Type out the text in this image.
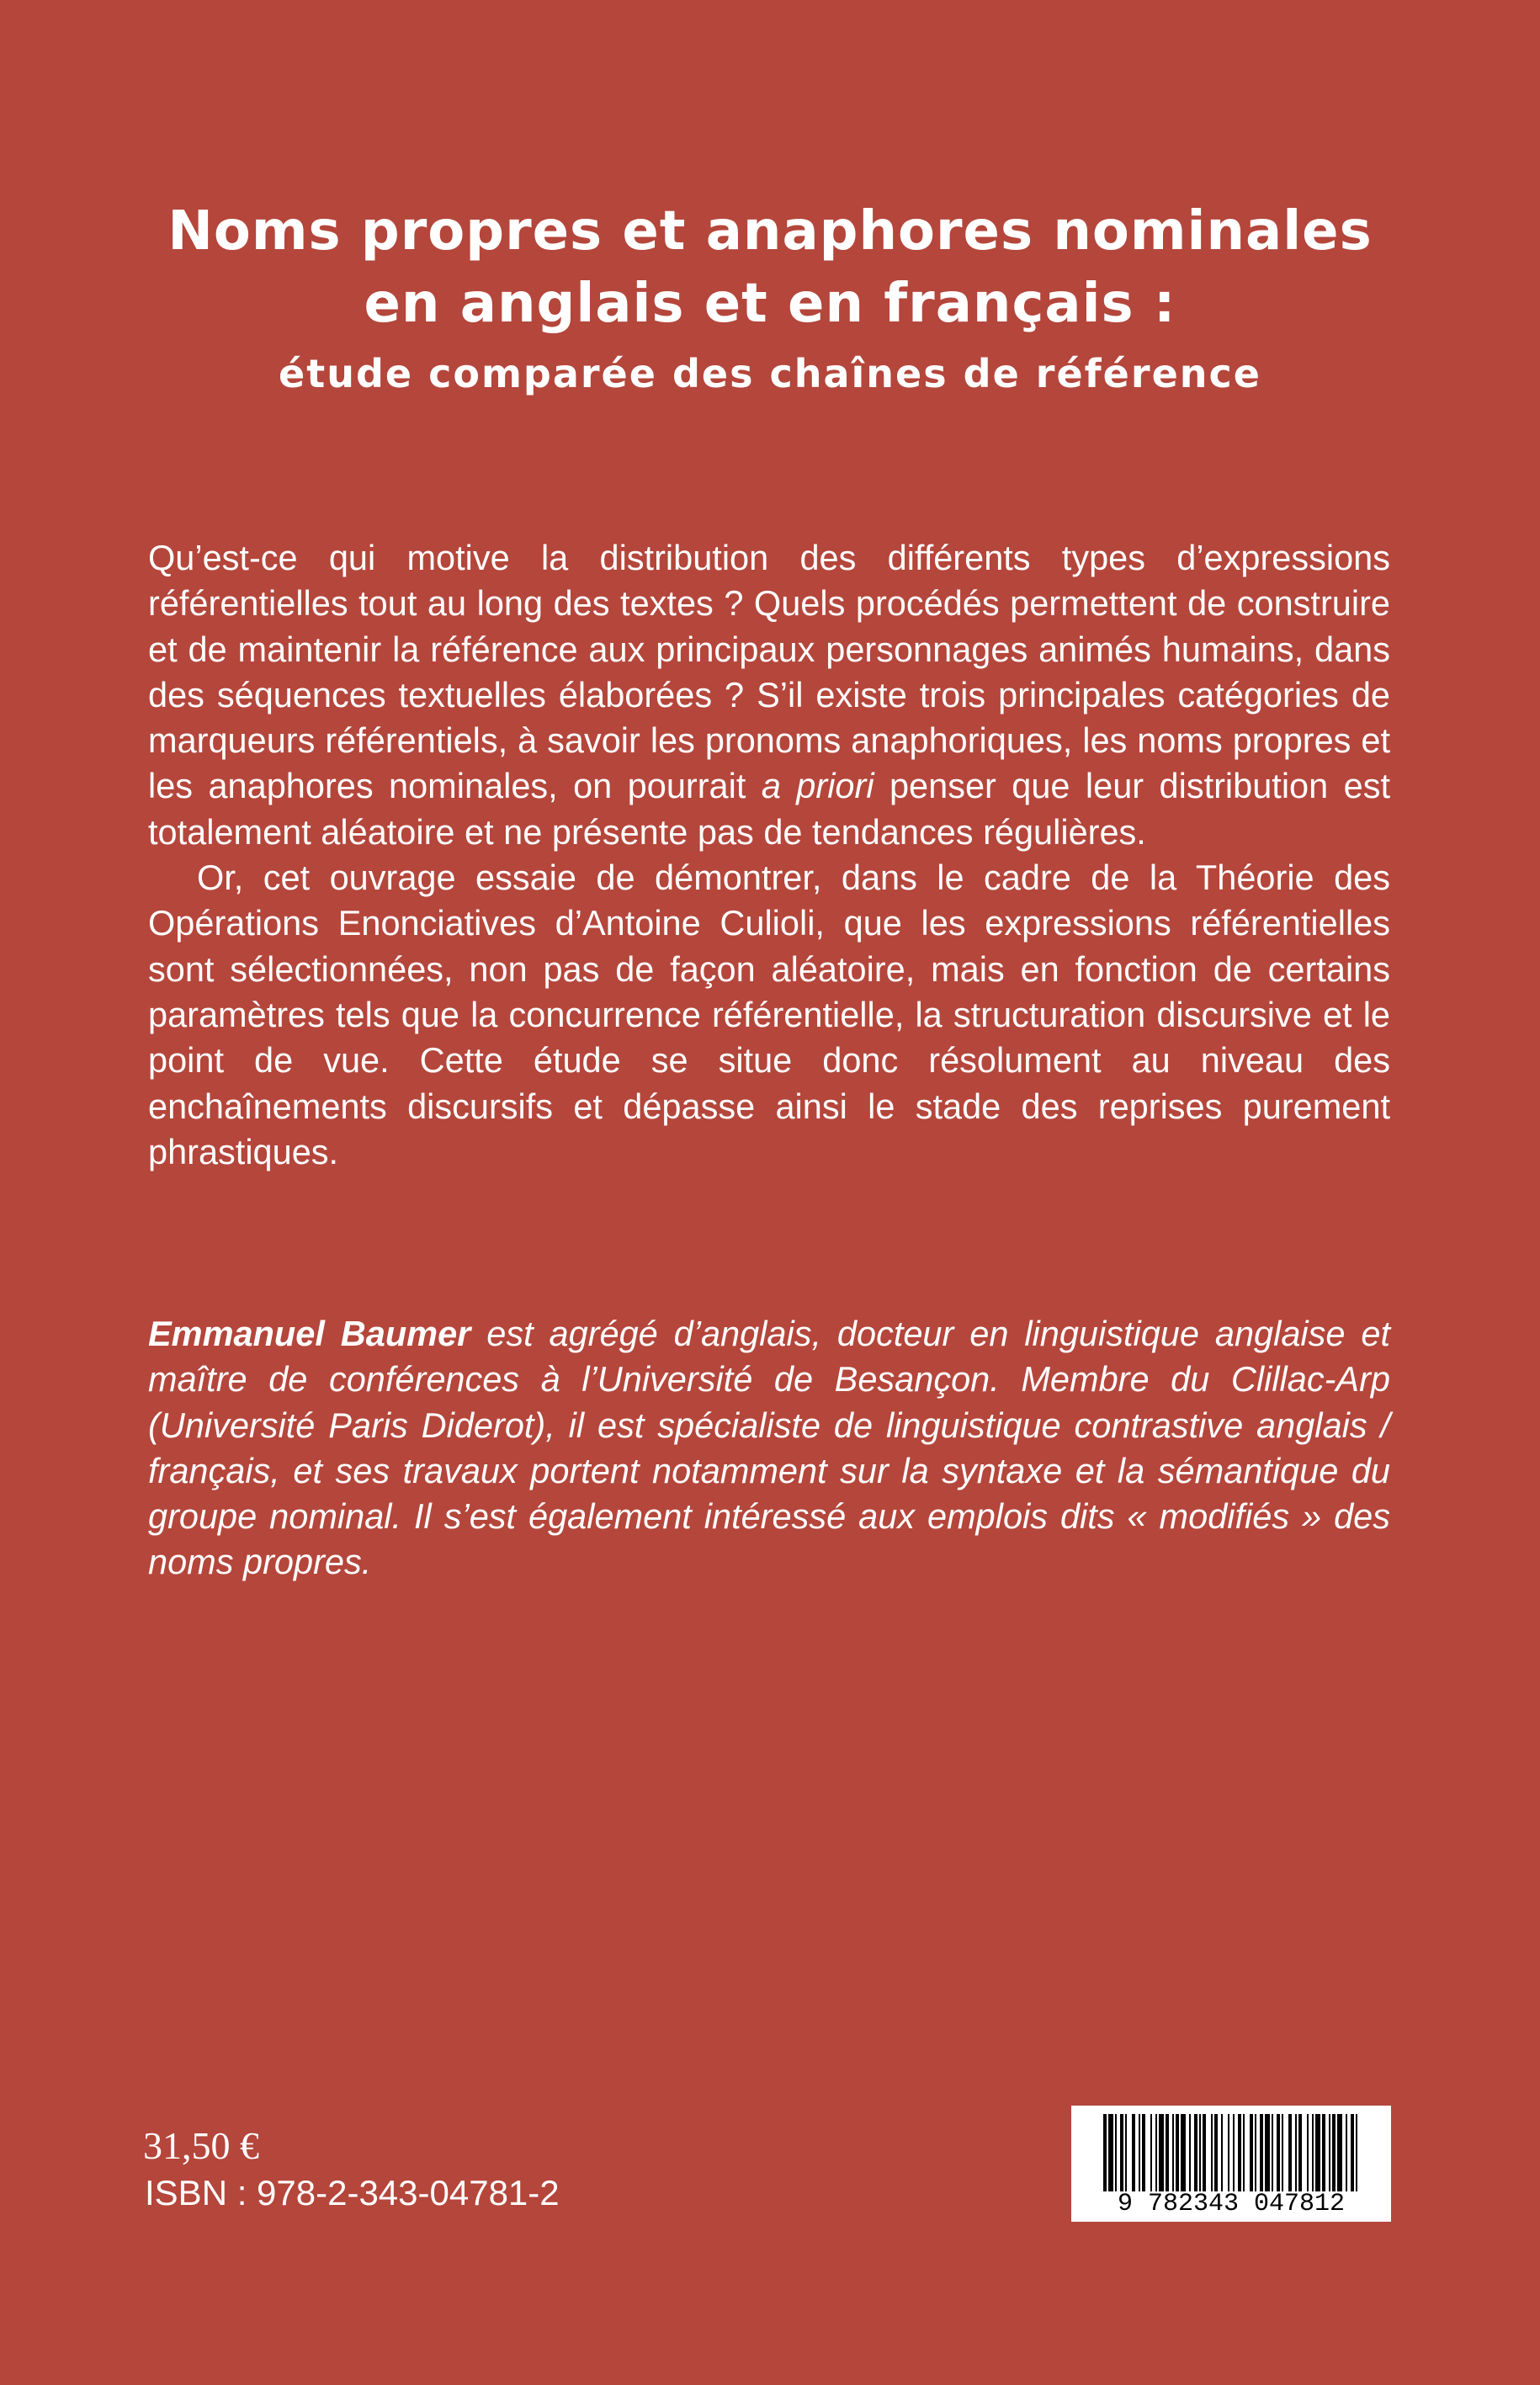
Noms propres et anaphores nominales
en anglais et en français :
étude comparée des chaînes de référence

Qu’est-ce qui motive la distribution des différents types d’expressions référentielles tout au long des textes ? Quels procédés permettent de construire et de maintenir la référence aux principaux personnages animés humains, dans des séquences textuelles élaborées ? S’il existe trois principales catégories de marqueurs référentiels, à savoir les pronoms anaphoriques, les noms propres et les anaphores nominales, on pourrait a priori penser que leur distribution est totalement aléatoire et ne présente pas de tendances régulières.

Or, cet ouvrage essaie de démontrer, dans le cadre de la Théorie des Opérations Enonciatives d’Antoine Culioli, que les expressions référentielles sont sélectionnées, non pas de façon aléatoire, mais en fonction de certains paramètres tels que la concurrence référentielle, la structuration discursive et le point de vue. Cette étude se situe donc résolument au niveau des enchaînements discursifs et dépasse ainsi le stade des reprises purement phrastiques.

Emmanuel Baumer est agrégé d’anglais, docteur en linguistique anglaise et maître de conférences à l’Université de Besançon. Membre du Clillac-Arp (Université Paris Diderot), il est spécialiste de linguistique contrastive anglais / français, et ses travaux portent notamment sur la syntaxe et la sémantique du groupe nominal. Il s’est également intéressé aux emplois dits « modifiés » des noms propres.

31,50 €
ISBN : 978-2-343-04781-2	9 782343 047812
